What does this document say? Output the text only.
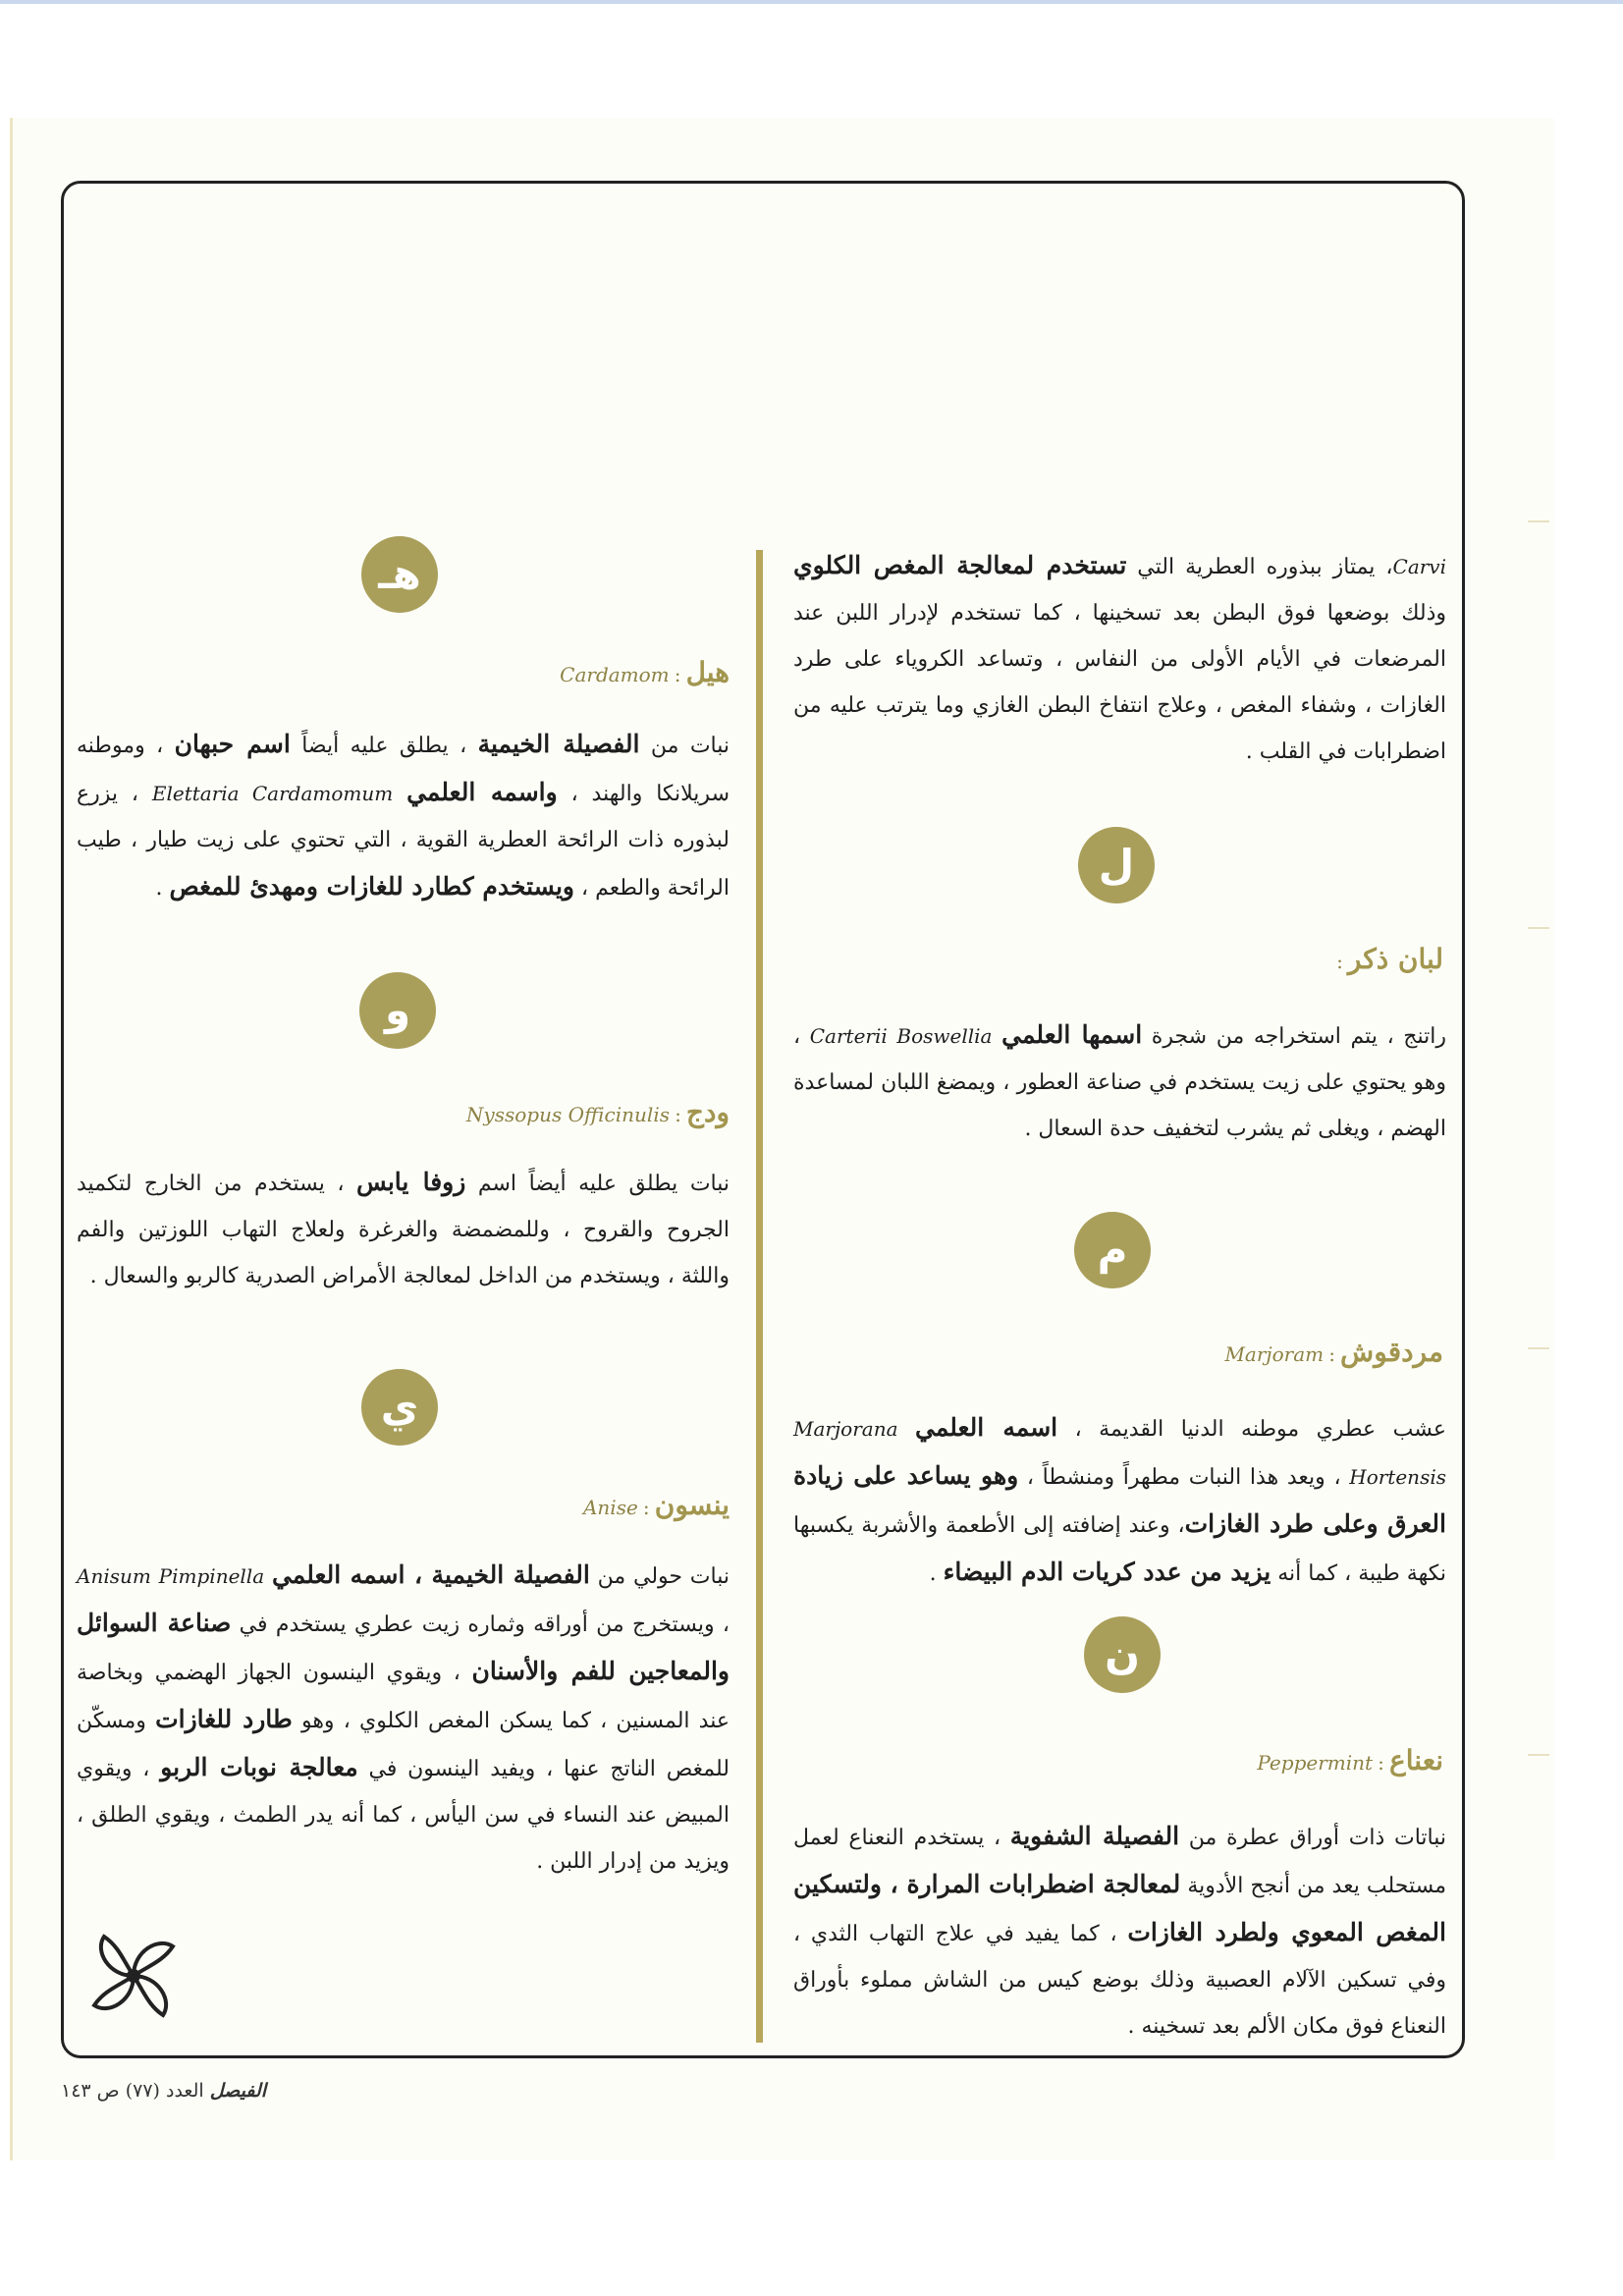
Carvi، يمتاز ببذوره العطرية التي تستخدم لمعالجة المغص الكلوي وذلك بوضعها فوق البطن بعد تسخينها ، كما تستخدم لإدرار اللبن عند المرضعات في الأيام الأولى من النفاس ، وتساعد الكروياء على طرد الغازات ، وشفاء المغص ، وعلاج انتفاخ البطن الغازي وما يترتب عليه من اضطرابات في القلب .

ل
لبان ذكر :

راتنج ، يتم استخراجه من شجرة اسمها العلمي Boswellia Carterii ، وهو يحتوي على زيت يستخدم في صناعة العطور ، ويمضغ اللبان لمساعدة الهضم ، ويغلى ثم يشرب لتخفيف حدة السعال .

م
مردقوش : Marjoram

عشب عطري موطنه الدنيا القديمة ، اسمه العلمي Marjorana Hortensis ، ويعد هذا النبات مطهراً ومنشطاً ، وهو يساعد على زيادة العرق وعلى طرد الغازات، وعند إضافته إلى الأطعمة والأشربة يكسبها نكهة طيبة ، كما أنه يزيد من عدد كريات الدم البيضاء .

ن
نعناع : Peppermint

نباتات ذات أوراق عطرة من الفصيلة الشفوية ، يستخدم النعناع لعمل مستحلب يعد من أنجح الأدوية لمعالجة اضطرابات المرارة ، ولتسكين المغص المعوي ولطرد الغازات ، كما يفيد في علاج التهاب الثدي ، وفي تسكين الآلام العصبية وذلك بوضع كيس من الشاش مملوء بأوراق النعناع فوق مكان الألم بعد تسخينه .

هـ
هيل : Cardamom

نبات من الفصيلة الخيمية ، يطلق عليه أيضاً اسم حبهان ، وموطنه سريلانكا والهند ، واسمه العلمي Elettaria Cardamomum ، يزرع لبذوره ذات الرائحة العطرية القوية ، التي تحتوي على زيت طيار ، طيب الرائحة والطعم ، ويستخدم كطارد للغازات ومهدئ للمغص .

و
ودج : Nyssopus Officinulis

نبات يطلق عليه أيضاً اسم زوفا يابس ، يستخدم من الخارج لتكميد الجروح والقروح ، وللمضمضة والغرغرة ولعلاج التهاب اللوزتين والفم واللثة ، ويستخدم من الداخل لمعالجة الأمراض الصدرية كالربو والسعال .

ي
ينسون : Anise

نبات حولي من الفصيلة الخيمية ، اسمه العلمي Pimpinella Anisum ، ويستخرج من أوراقه وثماره زيت عطري يستخدم في صناعة السوائل والمعاجين للفم والأسنان ، ويقوي الينسون الجهاز الهضمي وبخاصة عند المسنين ، كما يسكن المغص الكلوي ، وهو طارد للغازات ومسكّن للمغص الناتج عنها ، ويفيد الينسون في معالجة نوبات الربو ، ويقوي المبيض عند النساء في سن اليأس ، كما أنه يدر الطمث ، ويقوي الطلق ، ويزيد من إدرار اللبن .

الفيصل العدد (٧٧) ص ١٤٣
